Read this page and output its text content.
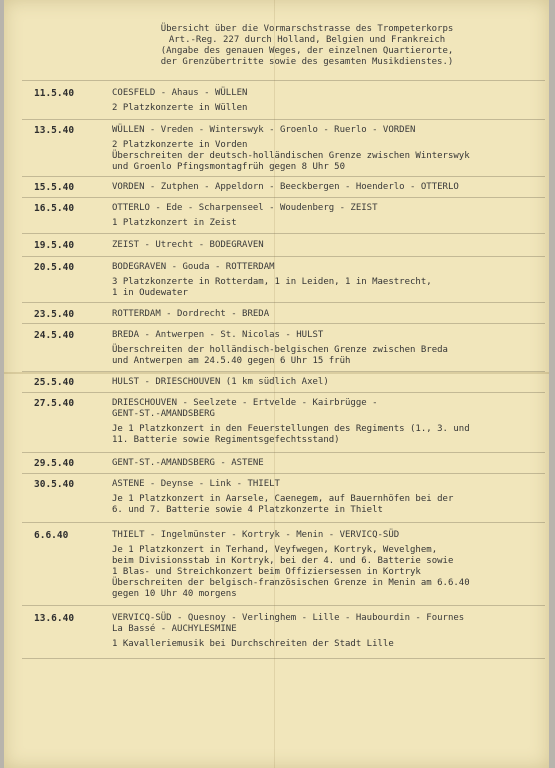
Übersicht über die Vormarschstrasse des Trompeterkorps
Art.-Reg. 227 durch Holland, Belgien und Frankreich
(Angabe des genauen Weges, der einzelnen Quartierorte,
der Grenzübertritte sowie des gesamten Musikdienstes.)
11.5.40	COESFELD - Ahaus - WÜLLEN
2 Platzkonzerte in Wüllen
13.5.40	WÜLLEN - Vreden - Winterswyk - Groenlo - Ruerlo - VORDEN
2 Platzkonzerte in Vorden
Überschreiten der deutsch-holländischen Grenze zwischen Winterswyk
und Groenlo Pfingsmontagfrüh gegen 8 Uhr 50
15.5.40	VORDEN - Zutphen - Appeldorn - Beeckbergen - Hoenderlo - OTTERLO
16.5.40	OTTERLO - Ede - Scharpenseel - Woudenberg - ZEIST
1 Platzkonzert in Zeist
19.5.40	ZEIST - Utrecht - BODEGRAVEN
20.5.40	BODEGRAVEN - Gouda - ROTTERDAM
3 Platzkonzerte in Rotterdam, 1 in Leiden, 1 in Maestrecht,
1 in Oudewater
23.5.40	ROTTERDAM - Dordrecht - BREDA
24.5.40	BREDA - Antwerpen - St. Nicolas - HULST
Überschreiten der holländisch-belgischen Grenze zwischen Breda
und Antwerpen am 24.5.40 gegen 6 Uhr 15 früh
25.5.40	HULST - DRIESCHOUVEN (1 km südlich Axel)
27.5.40	DRIESCHOUVEN - Seelzete - Ertvelde - Kairbrügge -
GENT-ST.-AMANDSBERG
Je 1 Platzkonzert in den Feuerstellungen des Regiments (1., 3. und
11. Batterie sowie Regimentsgefechtsstand)
29.5.40	GENT-ST.-AMANDSBERG - ASTENE
30.5.40	ASTENE - Deynse - Link - THIELT
Je 1 Platzkonzert in Aarsele, Caenegem, auf Bauernhöfen bei der
6. und 7. Batterie sowie 4 Platzkonzerte in Thielt
6.6.40	THIELT - Ingelmünster - Kortryk - Menin - VERVICQ-SÜD
Je 1 Platzkonzert in Terhand, Veyfwegen, Kortryk, Wevelghem,
beim Divisionsstab in Kortryk, bei der 4. und 6. Batterie sowie
1 Blas- und Streichkonzert beim Offiziersessen in Kortryk
Überschreiten der belgisch-französischen Grenze in Menin am 6.6.40
gegen 10 Uhr 40 morgens
13.6.40	VERVICQ-SÜD - Quesnoy - Verlinghem - Lille - Haubourdin - Fournes
La Bassé - AUCHYLESMINE
1 Kavalleriemusik bei Durchschreiten der Stadt Lille
